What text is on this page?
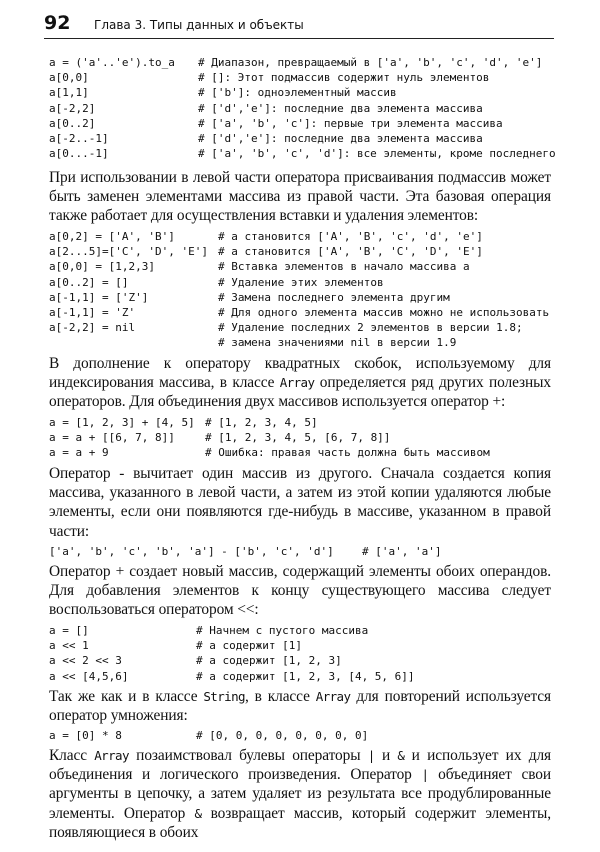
92 Глава 3. Типы данных и объекты
a = ('a'..'e').to_a # Диапазон, превращаемый в ['a', 'b', 'c', 'd', 'e']
a[0,0]	# []: Этот подмассив содержит нуль элементов
a[1,1]	# ['b']: одноэлементный массив
a[-2,2]	# ['d','e']: последние два элемента массива
a[0..2]	# ['a', 'b', 'c']: первые три элемента массива
a[-2..-1]	# ['d','e']: последние два элемента массива
a[0...-1]	# ['a', 'b', 'c', 'd']: все элементы, кроме последнего
При использовании в левой части оператора присваивания подмассив может быть заменен элементами массива из правой части. Эта базовая операция также работает для осуществления вставки и удаления элементов:
a[0,2] = ['A', 'B']	# a становится ['A', 'B', 'c', 'd', 'e']
a[2...5]=['C', 'D', 'E'] # a становится ['A', 'B', 'C', 'D', 'E']
a[0,0] = [1,2,3]	# Вставка элементов в начало массива a
a[0..2] = []	# Удаление этих элементов
a[-1,1] = ['Z']	# Замена последнего элемента другим
a[-1,1] = 'Z'	# Для одного элемента массив можно не использовать
a[-2,2] = nil	# Удаление последних 2 элементов в версии 1.8;
# замена значениями nil в версии 1.9
В дополнение к оператору квадратных скобок, используемому для индексирования массива, в классе Array определяется ряд других полезных операторов. Для объединения двух массивов используется оператор +:
a = [1, 2, 3] + [4, 5] # [1, 2, 3, 4, 5]
a = a + [[6, 7, 8]]	# [1, 2, 3, 4, 5, [6, 7, 8]]
a = a + 9	# Ошибка: правая часть должна быть массивом
Оператор - вычитает один массив из другого. Сначала создается копия массива, указанного в левой части, а затем из этой копии удаляются любые элементы, если они появляются где-нибудь в массиве, указанном в правой части:
['a', 'b', 'c', 'b', 'a'] - ['b', 'c', 'd']	# ['a', 'a']
Оператор + создает новый массив, содержащий элементы обоих операндов. Для добавления элементов к концу существующего массива следует воспользоваться оператором <<:
a = []	# Начнем с пустого массива
a << 1	# a содержит [1]
a << 2 << 3	# a содержит [1, 2, 3]
a << [4,5,6]	# a содержит [1, 2, 3, [4, 5, 6]]
Так же как и в классе String, в классе Array для повторений используется оператор умножения:
a = [0] * 8	# [0, 0, 0, 0, 0, 0, 0, 0]
Класс Array позаимствовал булевы операторы | и & и использует их для объединения и логического произведения. Оператор | объединяет свои аргументы в цепочку, а затем удаляет из результата все продублированные элементы. Оператор & возвращает массив, который содержит элементы, появляющиеся в обоих
